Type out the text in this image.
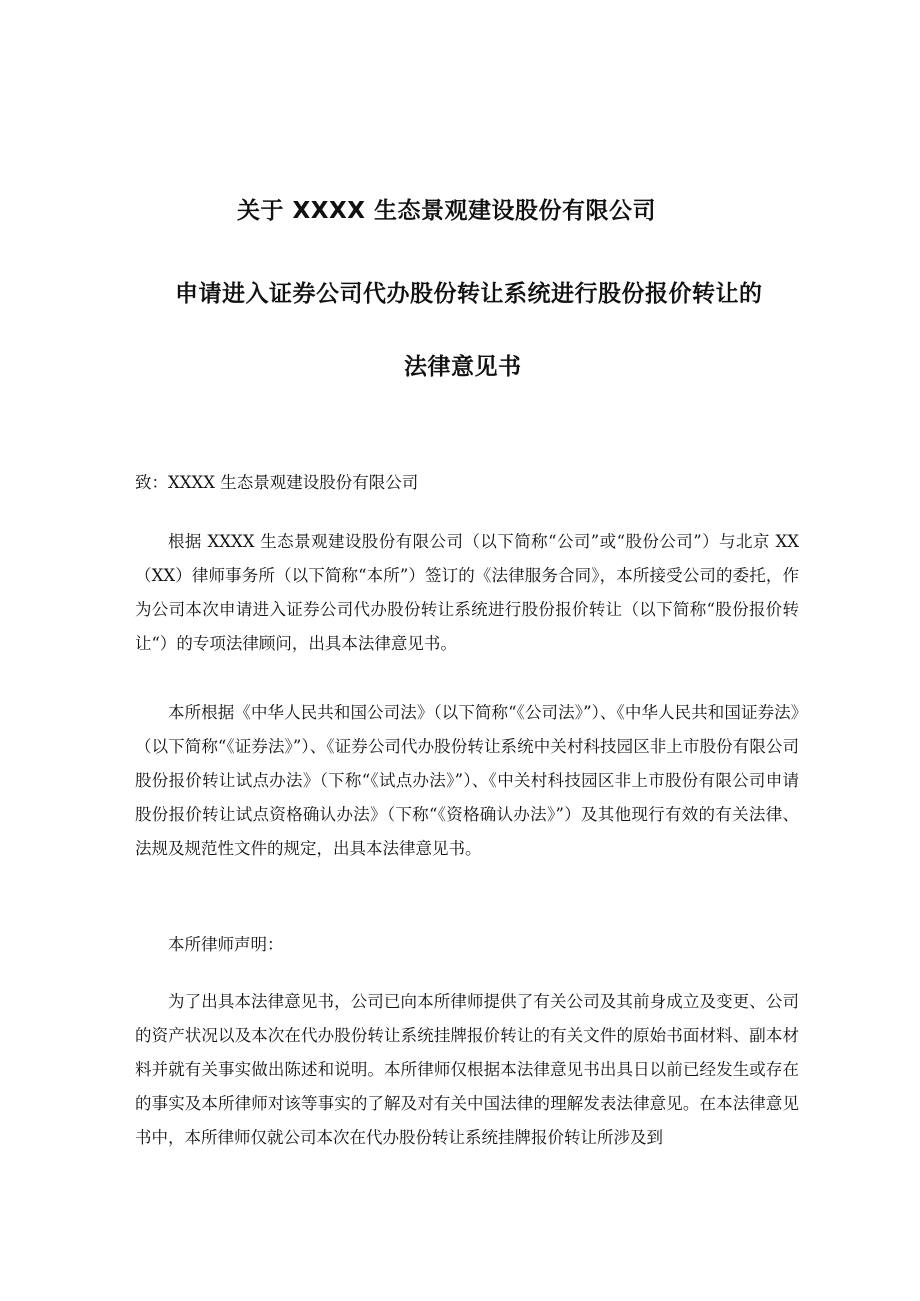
关于 XXXX 生态景观建设股份有限公司
申请进入证券公司代办股份转让系统进行股份报价转让的
法律意见书
致：XXXX 生态景观建设股份有限公司

根据 XXXX 生态景观建设股份有限公司（以下简称“公司”或“股份公司”）与北京 XX（XX）律师事务所（以下简称“本所”）签订的《法律服务合同》，本所接受公司的委托，作为公司本次申请进入证券公司代办股份转让系统进行股份报价转让（以下简称“股份报价转让“）的专项法律顾问，出具本法律意见书。

本所根据《中华人民共和国公司法》（以下简称“《公司法》”）、《中华人民共和国证券法》（以下简称“《证券法》”）、《证券公司代办股份转让系统中关村科技园区非上市股份有限公司股份报价转让试点办法》（下称“《试点办法》”）、《中关村科技园区非上市股份有限公司申请股份报价转让试点资格确认办法》（下称“《资格确认办法》”）及其他现行有效的有关法律、法规及规范性文件的规定，出具本法律意见书。

本所律师声明：

为了出具本法律意见书，公司已向本所律师提供了有关公司及其前身成立及变更、公司的资产状况以及本次在代办股份转让系统挂牌报价转让的有关文件的原始书面材料、副本材料并就有关事实做出陈述和说明。本所律师仅根据本法律意见书出具日以前已经发生或存在的事实及本所律师对该等事实的了解及对有关中国法律的理解发表法律意见。在本法律意见书中，本所律师仅就公司本次在代办股份转让系统挂牌报价转让所涉及到
